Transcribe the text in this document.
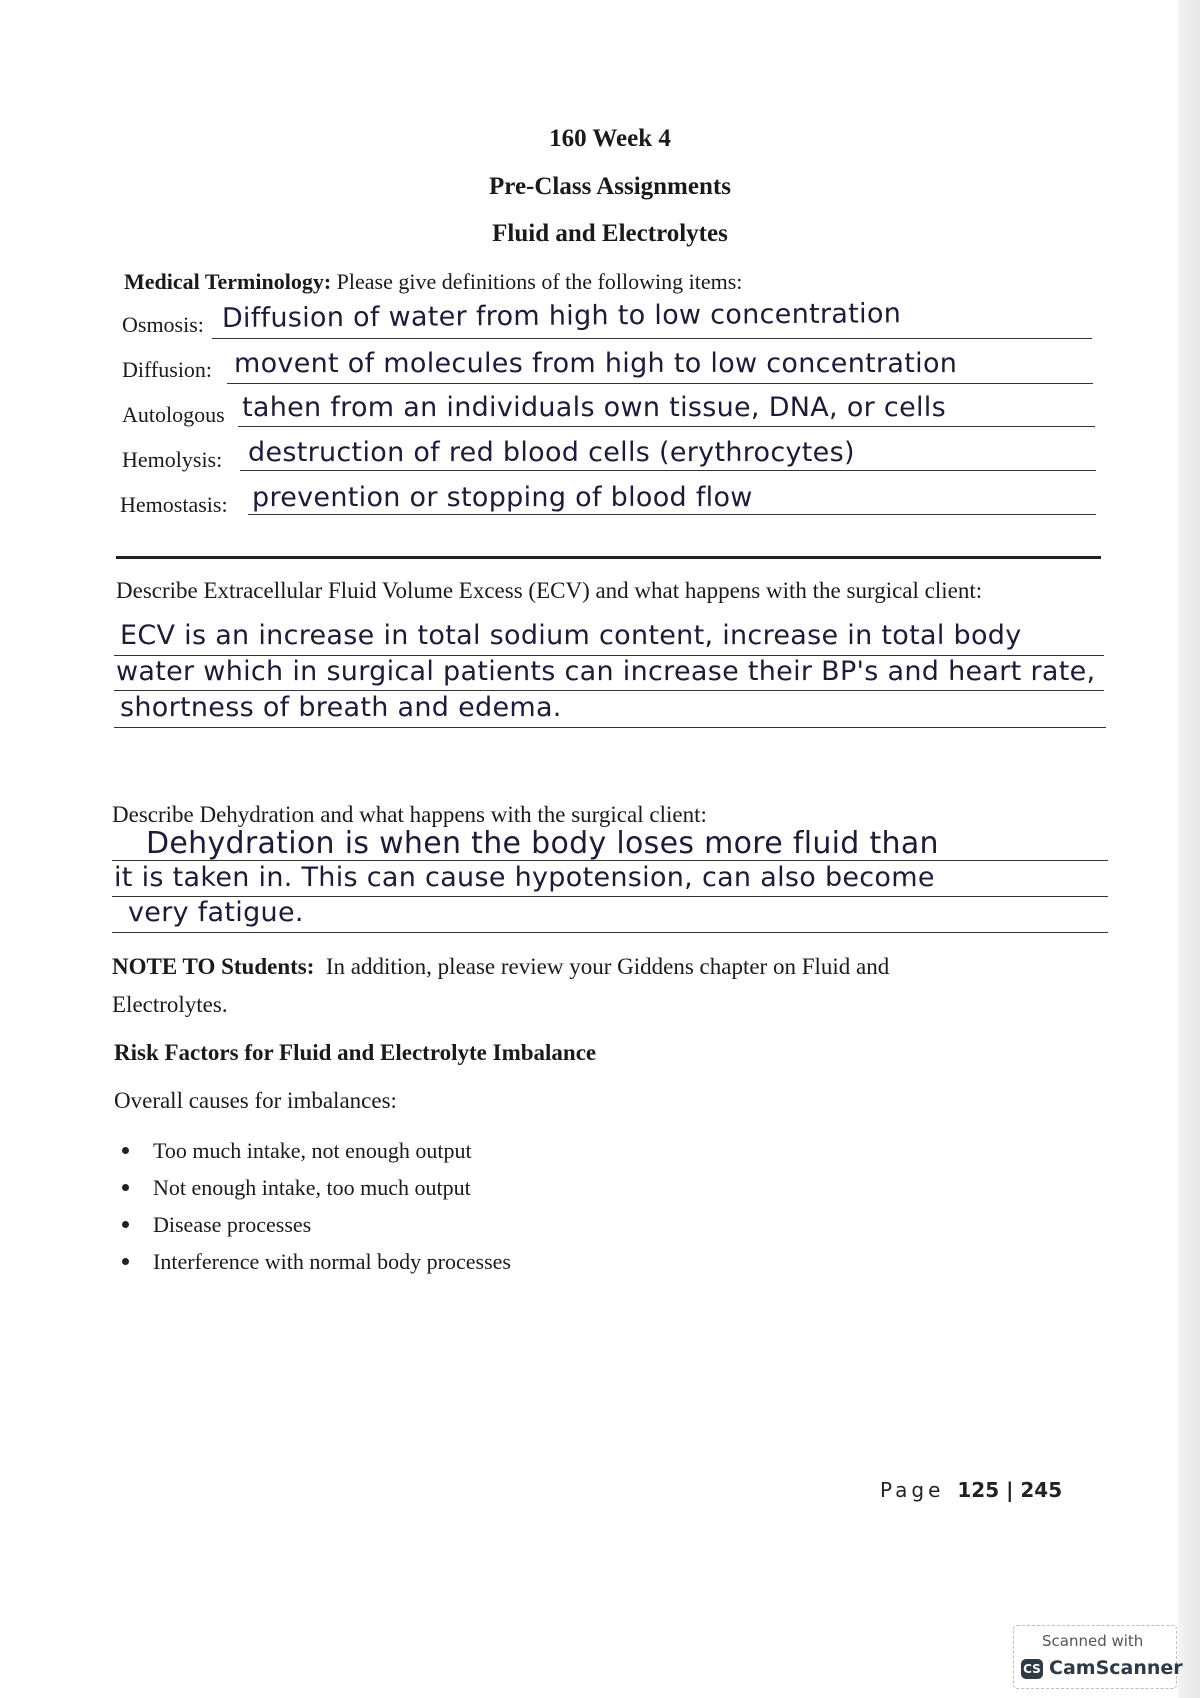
160 Week 4
Pre-Class Assignments
Fluid and Electrolytes
Medical Terminology: Please give definitions of the following items:
Osmosis: Diffusion of water from high to low concentration
Diffusion: movent of molecules from high to low concentration
Autologous tahen from an individuals own tissue, DNA, or cells
Hemolysis: destruction of red blood cells (erythrocytes)
Hemostasis: prevention or stopping of blood flow
Describe Extracellular Fluid Volume Excess (ECV) and what happens with the surgical client:
ECV is an increase in total sodium content, increase in total body
water which in surgical patients can increase their BP's and heart rate,
shortness of breath and edema.
Describe Dehydration and what happens with the surgical client:
Dehydration is when the body loses more fluid than
it is taken in. This can cause hypotension, can also become
very fatigue.
NOTE TO Students: In addition, please review your Giddens chapter on Fluid and
Electrolytes.
Risk Factors for Fluid and Electrolyte Imbalance
Overall causes for imbalances:
Too much intake, not enough output
Not enough intake, too much output
Disease processes
Interference with normal body processes
Page 125 | 245
Scanned with
CS CamScanner
